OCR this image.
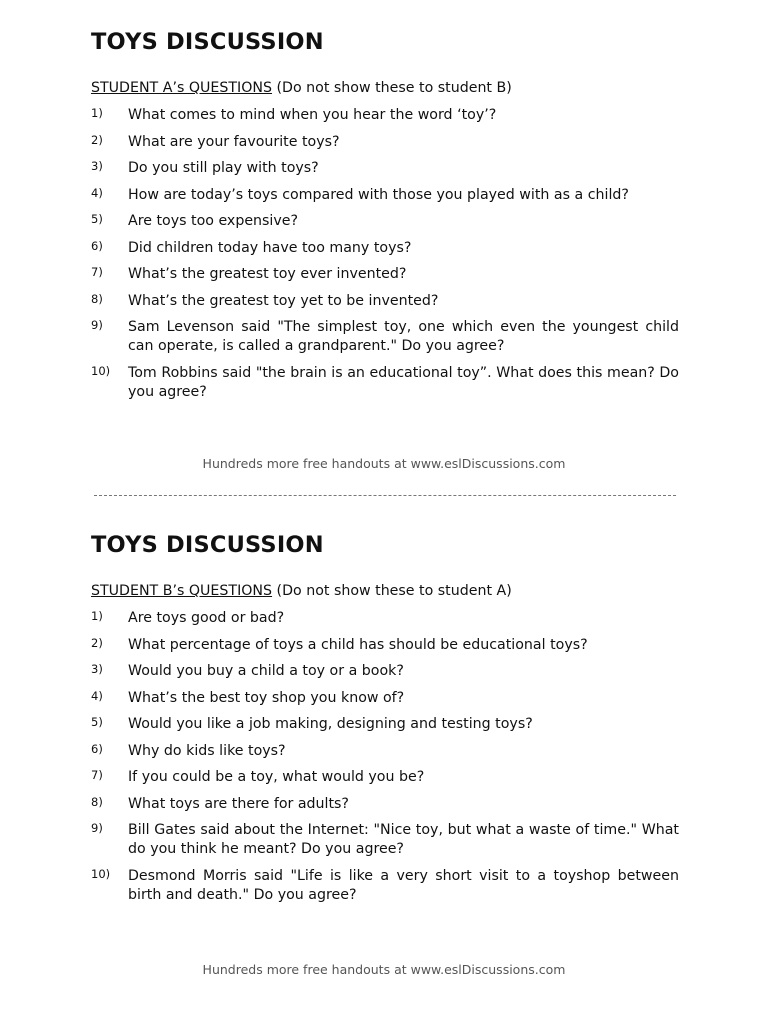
TOYS DISCUSSION
STUDENT A’s QUESTIONS (Do not show these to student B)
1)	What comes to mind when you hear the word ‘toy’?
2)	What are your favourite toys?
3)	Do you still play with toys?
4)	How are today’s toys compared with those you played with as a child?
5)	Are toys too expensive?
6)	Did children today have too many toys?
7)	What’s the greatest toy ever invented?
8)	What’s the greatest toy yet to be invented?
9)	Sam Levenson said "The simplest toy, one which even the youngest child can operate, is called a grandparent." Do you agree?
10)	Tom Robbins said "the brain is an educational toy”. What does this mean? Do you agree?
Hundreds more free handouts at www.eslDiscussions.com
TOYS DISCUSSION
STUDENT B’s QUESTIONS (Do not show these to student A)
1)	Are toys good or bad?
2)	What percentage of toys a child has should be educational toys?
3)	Would you buy a child a toy or a book?
4)	What’s the best toy shop you know of?
5)	Would you like a job making, designing and testing toys?
6)	Why do kids like toys?
7)	If you could be a toy, what would you be?
8)	What toys are there for adults?
9)	Bill Gates said about the Internet: "Nice toy, but what a waste of time." What do you think he meant? Do you agree?
10)	Desmond Morris said "Life is like a very short visit to a toyshop between birth and death." Do you agree?
Hundreds more free handouts at www.eslDiscussions.com
